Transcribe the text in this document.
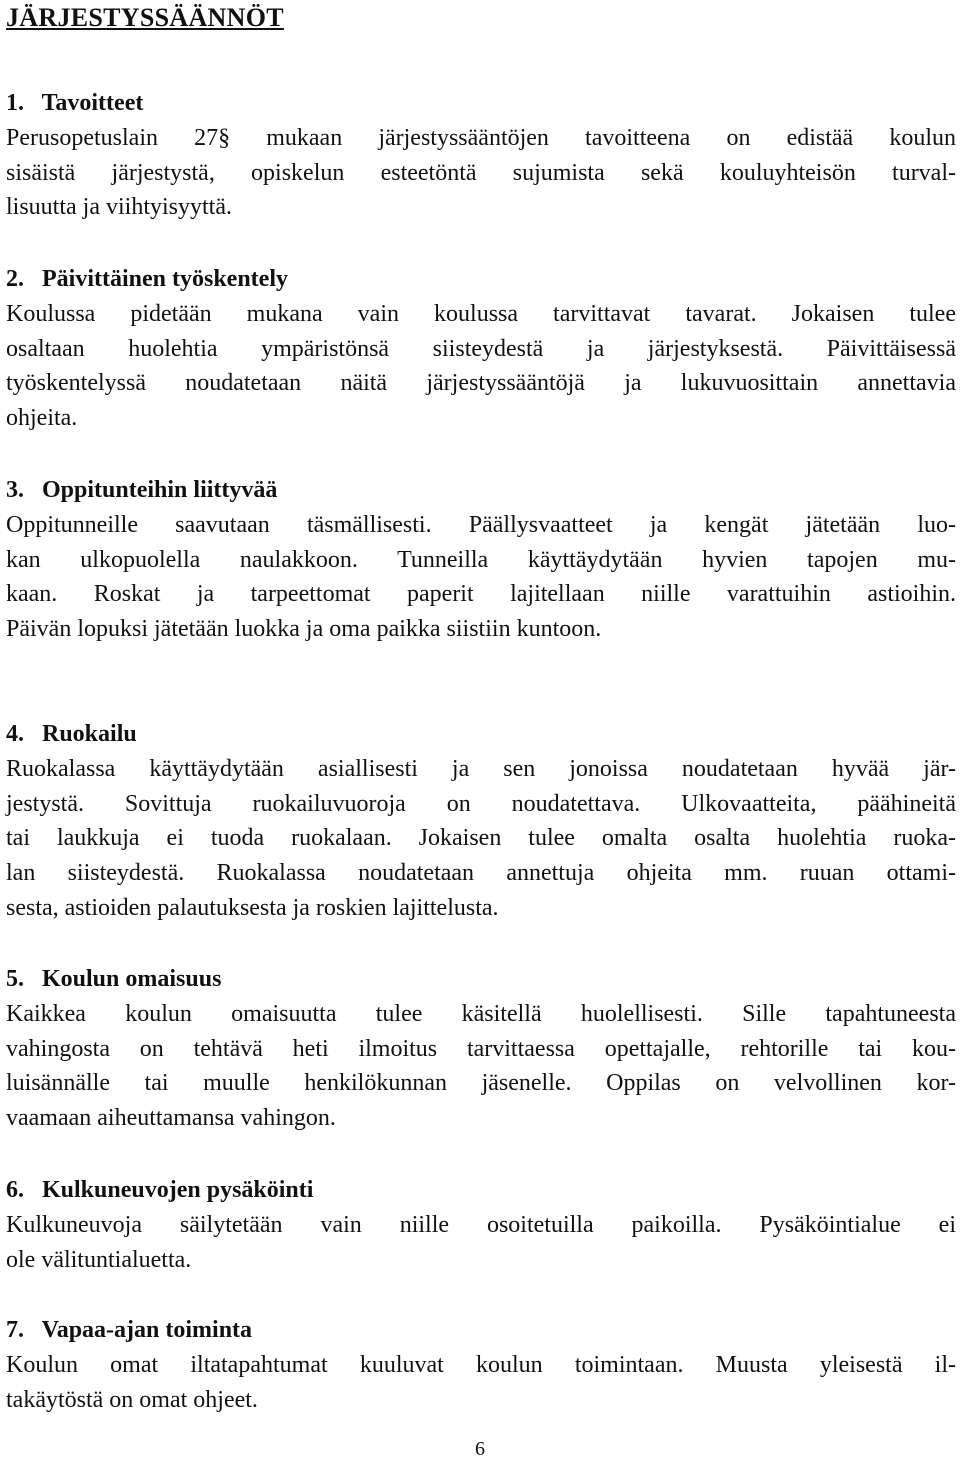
JÄRJESTYSSÄÄNNÖT
1. Tavoitteet
Perusopetuslain 27§ mukaan järjestyssääntöjen tavoitteena on edistää koulun
sisäistä järjestystä, opiskelun esteetöntä sujumista sekä kouluyhteisön turval-
lisuutta ja viihtyisyyttä.
2. Päivittäinen työskentely
Koulussa pidetään mukana vain koulussa tarvittavat tavarat. Jokaisen tulee
osaltaan huolehtia ympäristönsä siisteydestä ja järjestyksestä. Päivittäisessä
työskentelyssä noudatetaan näitä järjestyssääntöjä ja lukuvuosittain annettavia
ohjeita.
3. Oppitunteihin liittyvää
Oppitunneille saavutaan täsmällisesti. Päällysvaatteet ja kengät jätetään luo-
kan ulkopuolella naulakkoon. Tunneilla käyttäydytään hyvien tapojen mu-
kaan. Roskat ja tarpeettomat paperit lajitellaan niille varattuihin astioihin.
Päivän lopuksi jätetään luokka ja oma paikka siistiin kuntoon.
4. Ruokailu
Ruokalassa käyttäydytään asiallisesti ja sen jonoissa noudatetaan hyvää jär-
jestystä. Sovittuja ruokailuvuoroja on noudatettava. Ulkovaatteita, päähineitä
tai laukkuja ei tuoda ruokalaan. Jokaisen tulee omalta osalta huolehtia ruoka-
lan siisteydestä. Ruokalassa noudatetaan annettuja ohjeita mm. ruuan ottami-
sesta, astioiden palautuksesta ja roskien lajittelusta.
5. Koulun omaisuus
Kaikkea koulun omaisuutta tulee käsitellä huolellisesti. Sille tapahtuneesta
vahingosta on tehtävä heti ilmoitus tarvittaessa opettajalle, rehtorille tai kou-
luisännälle tai muulle henkilökunnan jäsenelle. Oppilas on velvollinen kor-
vaamaan aiheuttamansa vahingon.
6. Kulkuneuvojen pysäköinti
Kulkuneuvoja säilytetään vain niille osoitetuilla paikoilla. Pysäköintialue ei
ole välituntialuetta.
7. Vapaa-ajan toiminta
Koulun omat iltatapahtumat kuuluvat koulun toimintaan. Muusta yleisestä il-
takäytöstä on omat ohjeet.
6
